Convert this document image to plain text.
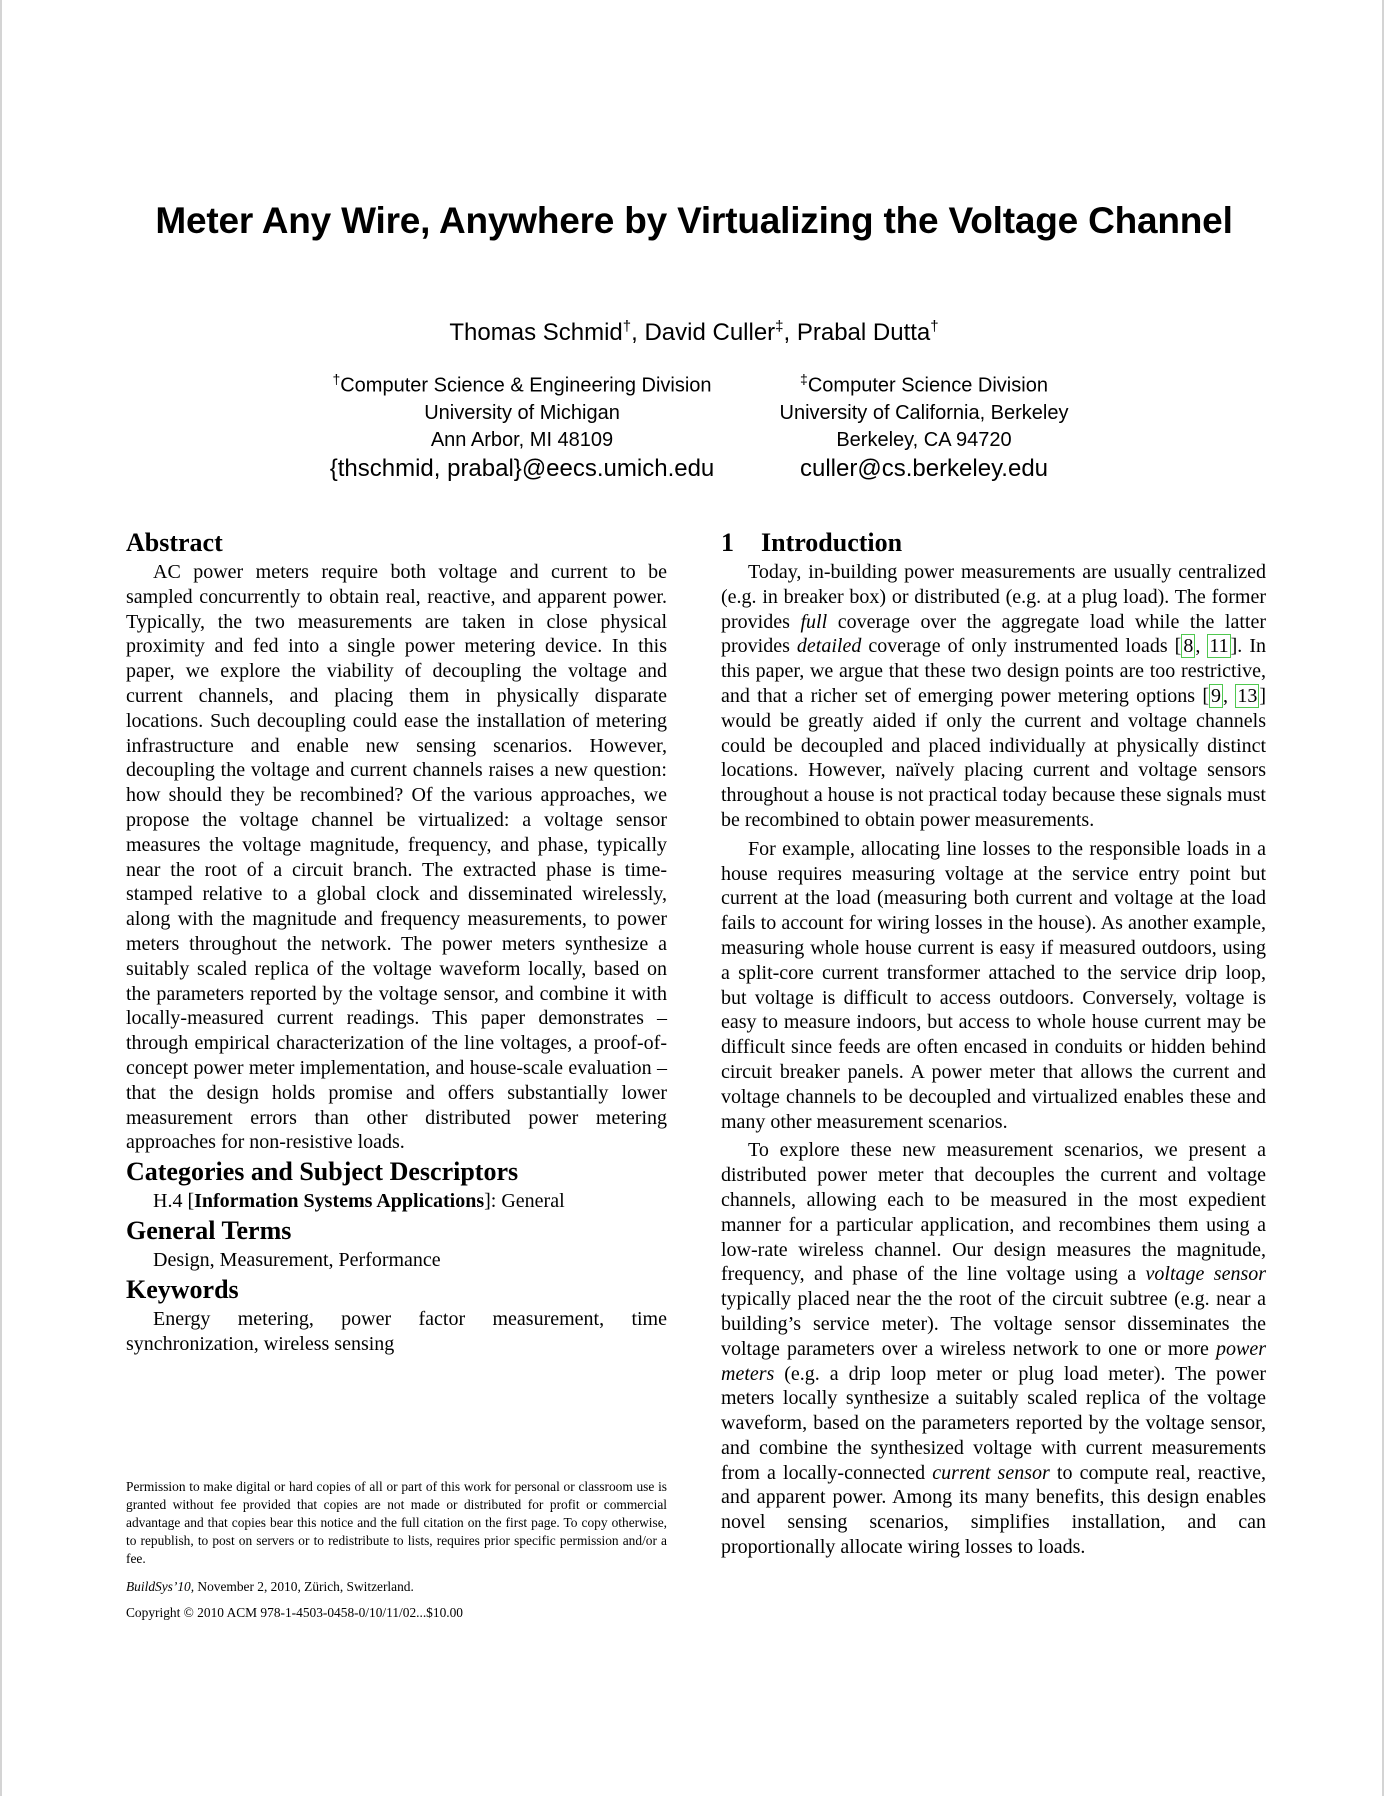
Meter Any Wire, Anywhere by Virtualizing the Voltage Channel
Thomas Schmid†, David Culler‡, Prabal Dutta†
†Computer Science & Engineering Division
University of Michigan
Ann Arbor, MI 48109
{thschmid, prabal}@eecs.umich.edu
‡Computer Science Division
University of California, Berkeley
Berkeley, CA 94720
culler@cs.berkeley.edu
Abstract

AC power meters require both voltage and current to be sampled concurrently to obtain real, reactive, and apparent power. Typically, the two measurements are taken in close physical proximity and fed into a single power metering device. In this paper, we explore the viability of decoupling the voltage and current channels, and placing them in physically disparate locations. Such decoupling could ease the installation of metering infrastructure and enable new sensing scenarios. However, decoupling the voltage and current channels raises a new question: how should they be recombined? Of the various approaches, we propose the voltage channel be virtualized: a voltage sensor measures the voltage magnitude, frequency, and phase, typically near the root of a circuit branch. The extracted phase is time-stamped relative to a global clock and disseminated wirelessly, along with the magnitude and frequency measurements, to power meters throughout the network. The power meters synthesize a suitably scaled replica of the voltage waveform locally, based on the parameters reported by the voltage sensor, and combine it with locally-measured current readings. This paper demonstrates – through empirical characterization of the line voltages, a proof-of-concept power meter implementation, and house-scale evaluation – that the design holds promise and offers substantially lower measurement errors than other distributed power metering approaches for non-resistive loads.

Categories and Subject Descriptors
H.4 [Information Systems Applications]: General
General Terms
Design, Measurement, Performance
Keywords

Energy metering, power factor measurement, time synchronization, wireless sensing

Permission to make digital or hard copies of all or part of this work for personal or classroom use is granted without fee provided that copies are not made or distributed for profit or commercial advantage and that copies bear this notice and the full citation on the first page. To copy otherwise, to republish, to post on servers or to redistribute to lists, requires prior specific permission and/or a fee.

BuildSys’10, November 2, 2010, Zürich, Switzerland.

Copyright © 2010 ACM 978-1-4503-0458-0/10/11/02...$10.00

1 Introduction

Today, in-building power measurements are usually centralized (e.g. in breaker box) or distributed (e.g. at a plug load). The former provides full coverage over the aggregate load while the latter provides detailed coverage of only instrumented loads [ 8 , 11 ]. In this paper, we argue that these two design points are too restrictive, and that a richer set of emerging power metering options [ 9 , 13 ] would be greatly aided if only the current and voltage channels could be decoupled and placed individually at physically distinct locations. However, naïvely placing current and voltage sensors throughout a house is not practical today because these signals must be recombined to obtain power measurements.

For example, allocating line losses to the responsible loads in a house requires measuring voltage at the service entry point but current at the load (measuring both current and voltage at the load fails to account for wiring losses in the house). As another example, measuring whole house current is easy if measured outdoors, using a split-core current transformer attached to the service drip loop, but voltage is difficult to access outdoors. Conversely, voltage is easy to measure indoors, but access to whole house current may be difficult since feeds are often encased in conduits or hidden behind circuit breaker panels. A power meter that allows the current and voltage channels to be decoupled and virtualized enables these and many other measurement scenarios.

To explore these new measurement scenarios, we present a distributed power meter that decouples the current and voltage channels, allowing each to be measured in the most expedient manner for a particular application, and recombines them using a low-rate wireless channel. Our design measures the magnitude, frequency, and phase of the line voltage using a voltage sensor typically placed near the the root of the circuit subtree (e.g. near a building’s service meter). The voltage sensor disseminates the voltage parameters over a wireless network to one or more power meters (e.g. a drip loop meter or plug load meter). The power meters locally synthesize a suitably scaled replica of the voltage waveform, based on the parameters reported by the voltage sensor, and combine the synthesized voltage with current measurements from a locally-connected current sensor to compute real, reactive, and apparent power. Among its many benefits, this design enables novel sensing scenarios, simplifies installation, and can proportionally allocate wiring losses to loads.
